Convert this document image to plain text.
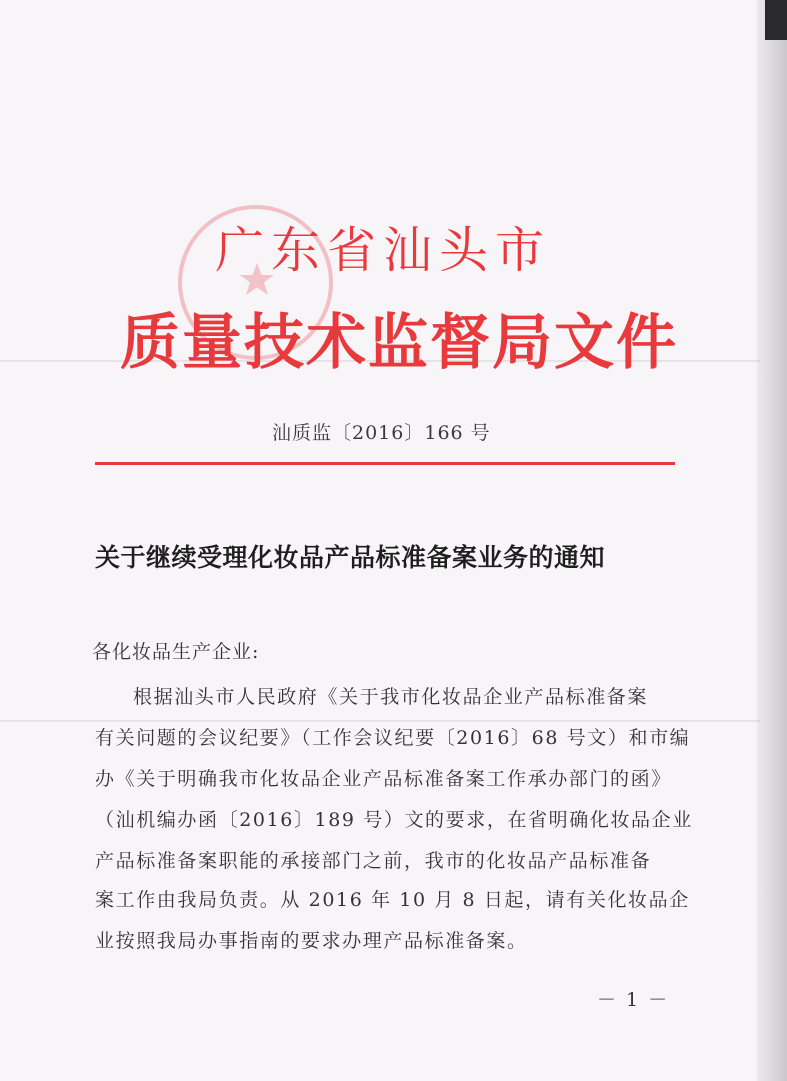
广东省汕头市
质量技术监督局文件
汕质监〔2016〕166 号
关于继续受理化妆品产品标准备案业务的通知
各化妆品生产企业:
根据汕头市人民政府《关于我市化妆品企业产品标准备案
有关问题的会议纪要》（工作会议纪要〔2016〕68 号文）和市编
办《关于明确我市化妆品企业产品标准备案工作承办部门的函》
（汕机编办函〔2016〕189 号）文的要求，在省明确化妆品企业
产品标准备案职能的承接部门之前，我市的化妆品产品标准备
案工作由我局负责。从 2016 年 10 月 8 日起，请有关化妆品企
业按照我局办事指南的要求办理产品标准备案。
－ 1 －
